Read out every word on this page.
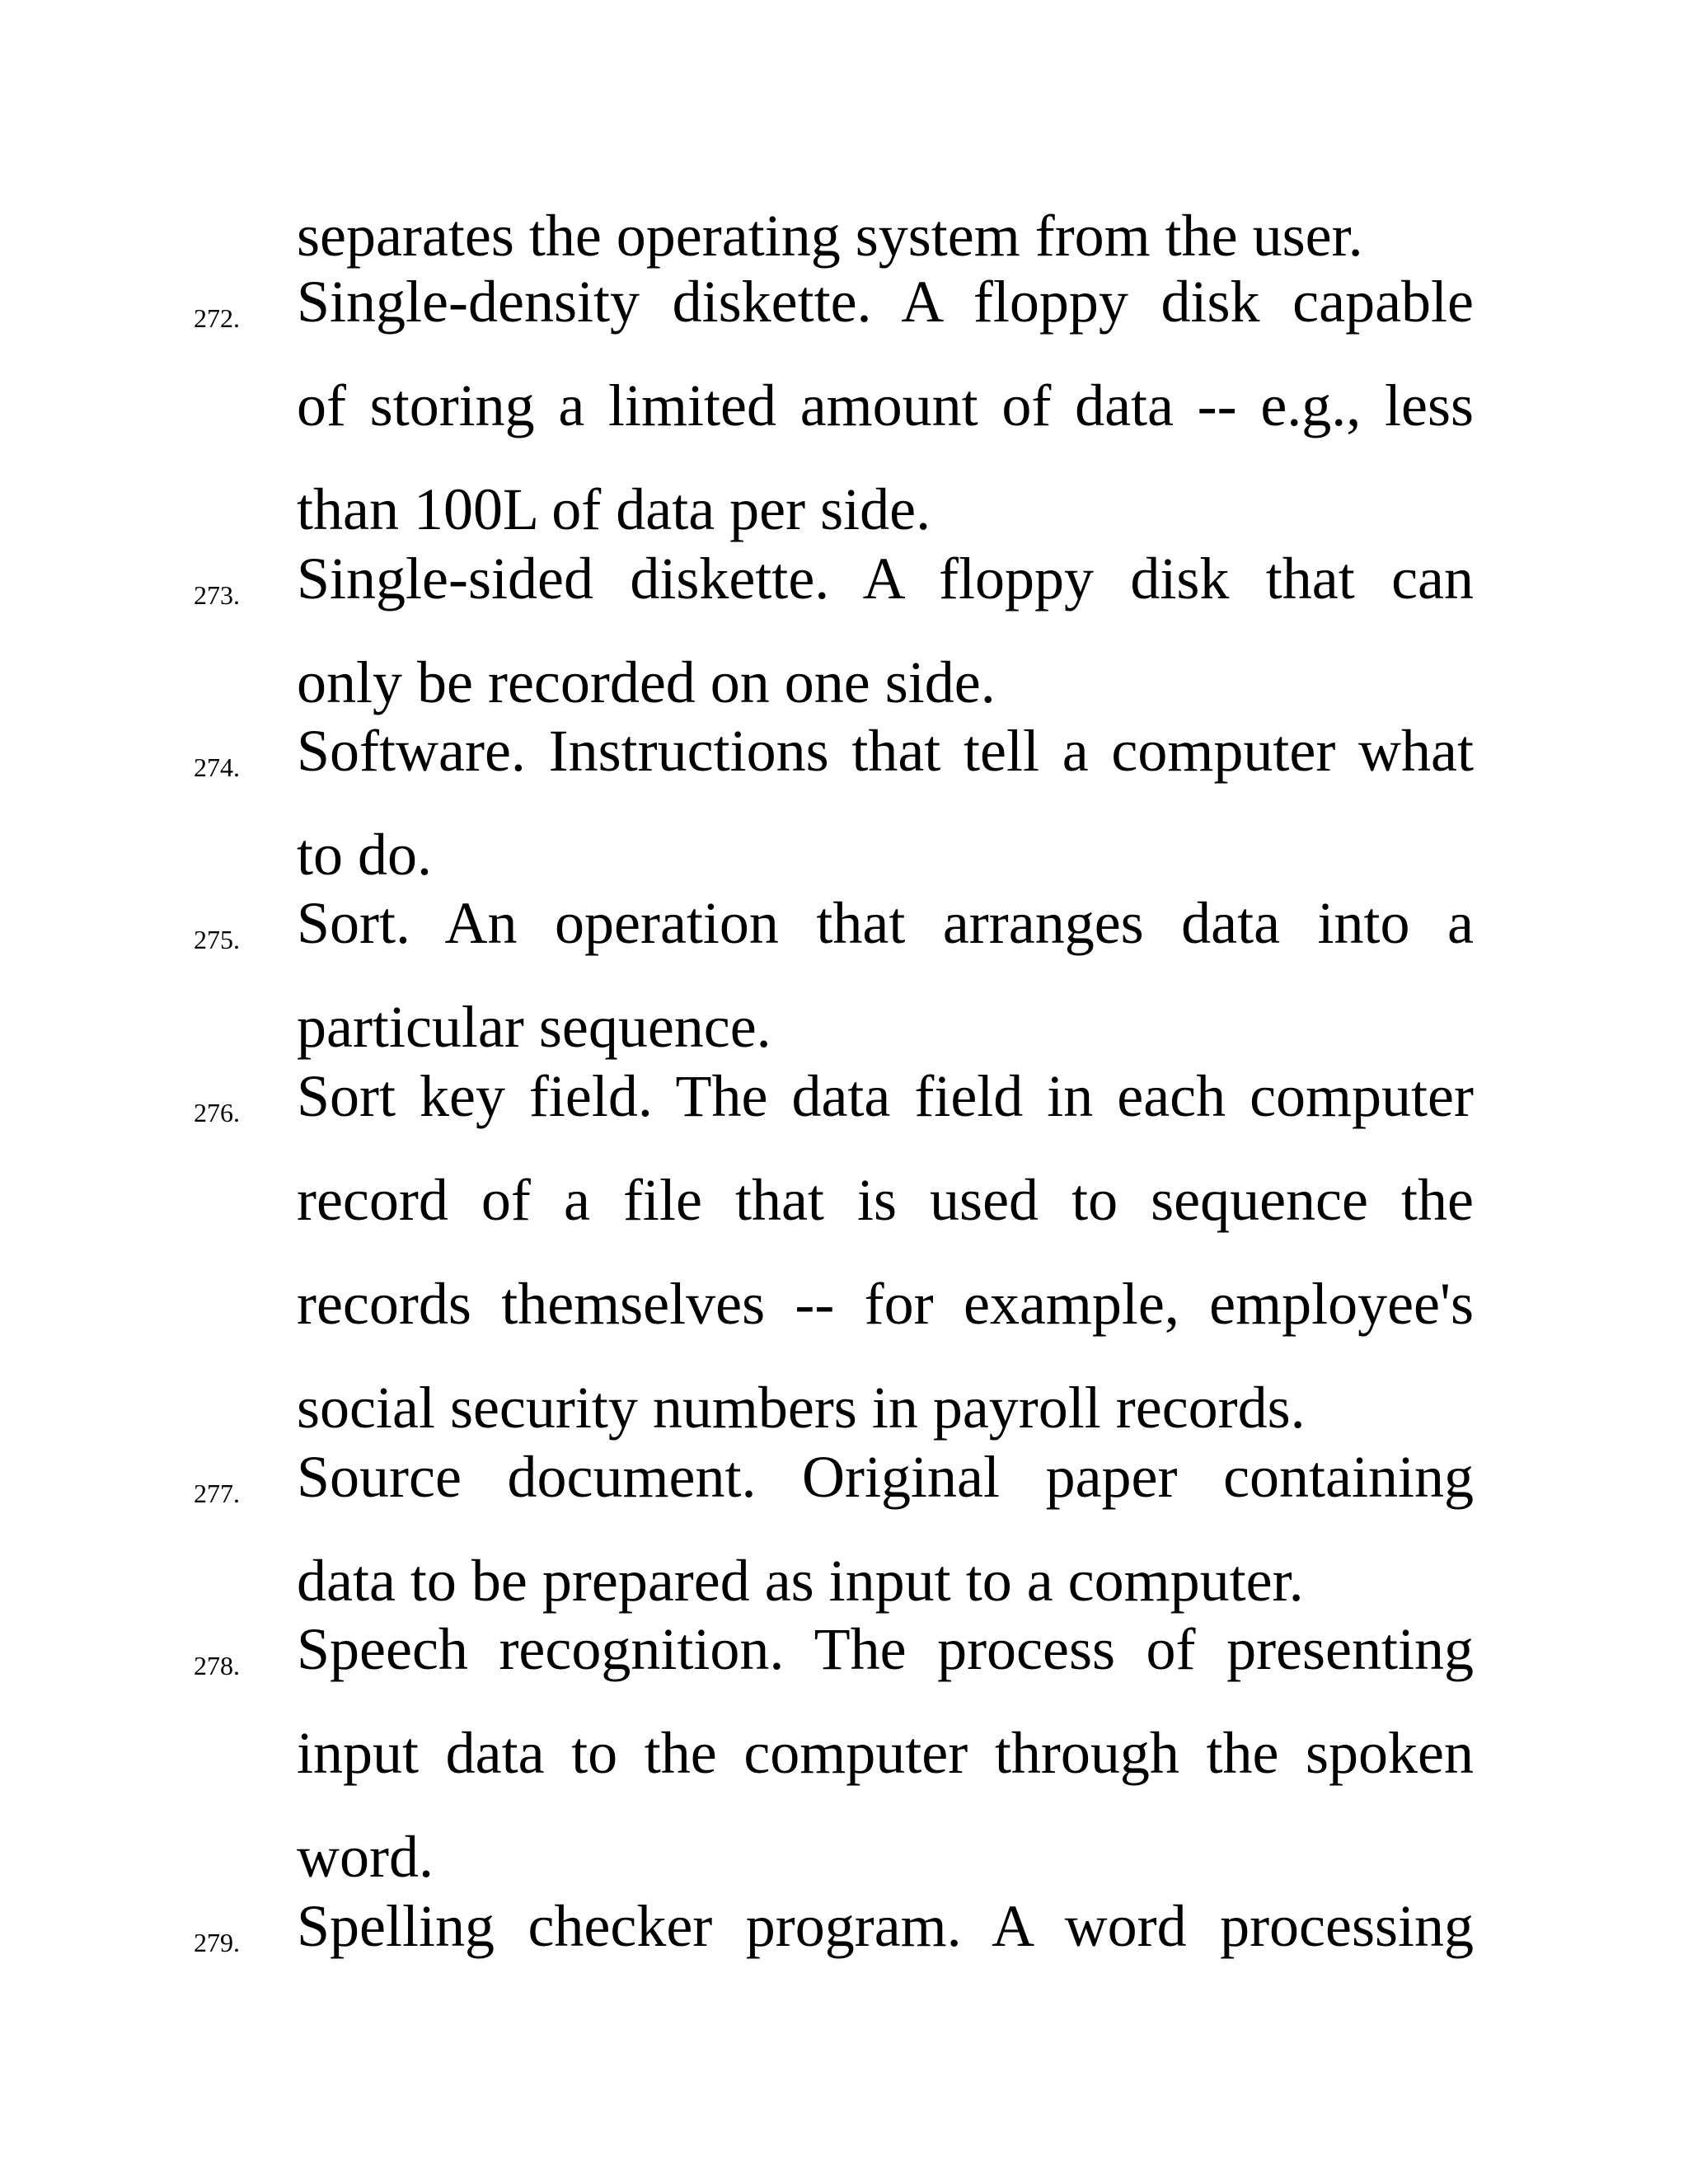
separates the operating system from the user.
272. Single-density diskette. A floppy disk capable
of storing a limited amount of data -- e.g., less
than 100L of data per side.
273. Single-sided diskette. A floppy disk that can
only be recorded on one side.
274. Software. Instructions that tell a computer what
to do.
275. Sort. An operation that arranges data into a
particular sequence.
276. Sort key field. The data field in each computer
record of a file that is used to sequence the
records themselves -- for example, employee's
social security numbers in payroll records.
277. Source document. Original paper containing
data to be prepared as input to a computer.
278. Speech recognition. The process of presenting
input data to the computer through the spoken
word.
279. Spelling checker program. A word processing
